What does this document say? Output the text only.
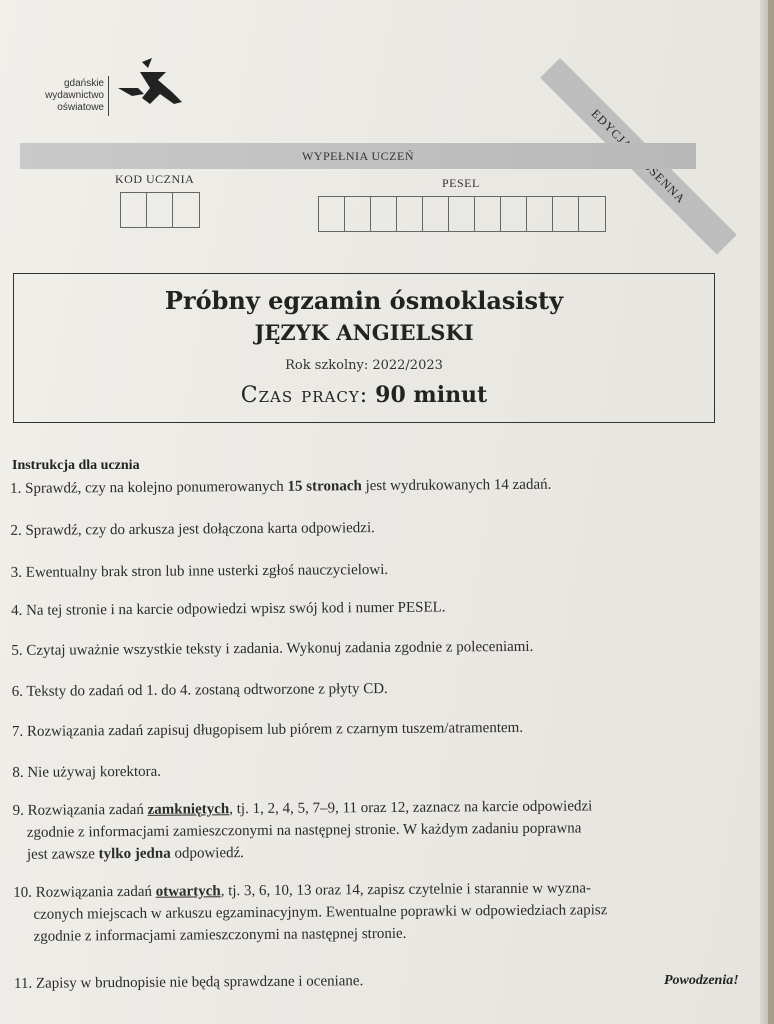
gdańskie
wydawnictwo
oświatowe
WYPEŁNIA UCZEŃ
KOD UCZNIA	PESEL
Próbny egzamin ósmoklasisty
JĘZYK ANGIELSKI
Rok szkolny: 2022/2023
Czas pracy: 90 minut
Instrukcja dla ucznia
1. Sprawdź, czy na kolejno ponumerowanych 15 stronach jest wydrukowanych 14 zadań.
2. Sprawdź, czy do arkusza jest dołączona karta odpowiedzi.
3. Ewentualny brak stron lub inne usterki zgłoś nauczycielowi.
4. Na tej stronie i na karcie odpowiedzi wpisz swój kod i numer PESEL.
5. Czytaj uważnie wszystkie teksty i zadania. Wykonuj zadania zgodnie z poleceniami.
6. Teksty do zadań od 1. do 4. zostaną odtworzone z płyty CD.
7. Rozwiązania zadań zapisuj długopisem lub piórem z czarnym tuszem/atramentem.
8. Nie używaj korektora.
9. Rozwiązania zadań zamkniętych, tj. 1, 2, 4, 5, 7–9, 11 oraz 12, zaznacz na karcie odpowiedzi
zgodnie z informacjami zamieszczonymi na następnej stronie. W każdym zadaniu poprawna
jest zawsze tylko jedna odpowiedź.
10. Rozwiązania zadań otwartych, tj. 3, 6, 10, 13 oraz 14, zapisz czytelnie i starannie w wyzna-
czonych miejscach w arkuszu egzaminacyjnym. Ewentualne poprawki w odpowiedziach zapisz
zgodnie z informacjami zamieszczonymi na następnej stronie.
11. Zapisy w brudnopisie nie będą sprawdzane i oceniane.	Powodzenia!
